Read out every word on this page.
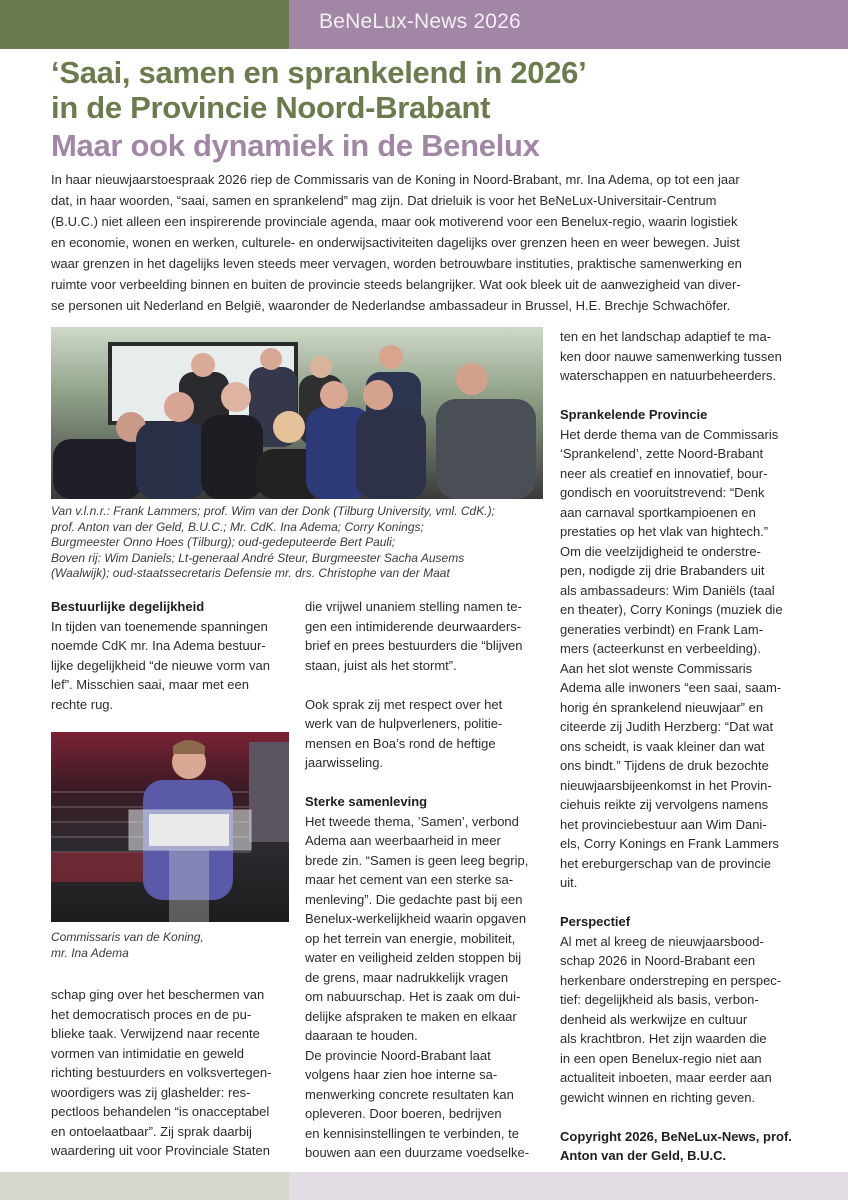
BeNeLux-News 2026
‘Saai, samen en sprankelend in 2026’
in de Provincie Noord-Brabant
Maar ook dynamiek in de Benelux
In haar nieuwjaarstoespraak 2026 riep de Commissaris van de Koning in Noord-Brabant, mr. Ina Adema, op tot een jaar
dat, in haar woorden, “saai, samen en sprankelend” mag zijn. Dat drieluik is voor het BeNeLux-Universitair-Centrum
(B.U.C.) niet alleen een inspirerende provinciale agenda, maar ook motiverend voor een Benelux-regio, waarin logistiek
en economie, wonen en werken, culturele- en onderwijsactiviteiten dagelijks over grenzen heen en weer bewegen. Juist
waar grenzen in het dagelijks leven steeds meer vervagen, worden betrouwbare instituties, praktische samenwerking en
ruimte voor verbeelding binnen en buiten de provincie steeds belangrijker. Wat ook bleek uit de aanwezigheid van diver-
se personen uit Nederland en België, waaronder de Nederlandse ambassadeur in Brussel, H.E. Brechje Schwachöfer.
Van v.l.n.r.: Frank Lammers; prof. Wim van der Donk (Tilburg University, vml. CdK.);
prof. Anton van der Geld, B.U.C.; Mr. CdK. Ina Adema; Corry Konings;
Burgmeester Onno Hoes (Tilburg); oud-gedeputeerde Bert Pauli;
Boven rij: Wim Daniels; Lt-generaal André Steur, Burgmeester Sacha Ausems
(Waalwijk); oud-staatssecretaris Defensie mr. drs. Christophe van der Maat
Bestuurlijke degelijkheid
In tijden van toenemende spanningen
noemde CdK mr. Ina Adema bestuur-
lijke degelijkheid “de nieuwe vorm van
lef”. Misschien saai, maar met een
rechte rug.
Commissaris van de Koning,
mr. Ina Adema
schap ging over het beschermen van
het democratisch proces en de pu-
blieke taak. Verwijzend naar recente
vormen van intimidatie en geweld
richting bestuurders en volksvertegen-
woordigers was zij glashelder: res-
pectloos behandelen “is onacceptabel
en ontoelaatbaar”. Zij sprak daarbij
waardering uit voor Provinciale Staten
die vrijwel unaniem stelling namen te-
gen een intimiderende deurwaarders-
brief en prees bestuurders die “blijven
staan, juist als het stormt”.
Ook sprak zij met respect over het
werk van de hulpverleners, politie-
mensen en Boa’s rond de heftige
jaarwisseling.
Sterke samenleving
Het tweede thema, ’Samen’, verbond
Adema aan weerbaarheid in meer
brede zin. “Samen is geen leeg begrip,
maar het cement van een sterke sa-
menleving”. Die gedachte past bij een
Benelux-werkelijkheid waarin opgaven
op het terrein van energie, mobiliteit,
water en veiligheid zelden stoppen bij
de grens, maar nadrukkelijk vragen
om nabuurschap. Het is zaak om dui-
delijke afspraken te maken en elkaar
daaraan te houden.
De provincie Noord-Brabant laat
volgens haar zien hoe interne sa-
menwerking concrete resultaten kan
opleveren. Door boeren, bedrijven
en kennisinstellingen te verbinden, te
bouwen aan een duurzame voedselke-
ten en het landschap adaptief te ma-
ken door nauwe samenwerking tussen
waterschappen en natuurbeheerders.
Sprankelende Provincie
Het derde thema van de Commissaris
‘Sprankelend’, zette Noord-Brabant
neer als creatief en innovatief, bour-
gondisch en vooruitstrevend: “Denk
aan carnaval sportkampioenen en
prestaties op het vlak van hightech.”
Om die veelzijdigheid te onderstre-
pen, nodigde zij drie Brabanders uit
als ambassadeurs: Wim Daniëls (taal
en theater), Corry Konings (muziek die
generaties verbindt) en Frank Lam-
mers (acteerkunst en verbeelding).
Aan het slot wenste Commissaris
Adema alle inwoners “een saai, saam-
horig én sprankelend nieuwjaar” en
citeerde zij Judith Herzberg: “Dat wat
ons scheidt, is vaak kleiner dan wat
ons bindt.” Tijdens de druk bezochte
nieuwjaarsbijeenkomst in het Provin-
ciehuis reikte zij vervolgens namens
het provinciebestuur aan Wim Dani-
els, Corry Konings en Frank Lammers
het ereburgerschap van de provincie
uit.
Perspectief
Al met al kreeg de nieuwjaarsbood-
schap 2026 in Noord-Brabant een
herkenbare onderstreping en perspec-
tief: degelijkheid als basis, verbon-
denheid als werkwijze en cultuur
als krachtbron. Het zijn waarden die
in een open Benelux-regio niet aan
actualiteit inboeten, maar eerder aan
gewicht winnen en richting geven.
Copyright 2026, BeNeLux-News, prof.
Anton van der Geld, B.U.C.
